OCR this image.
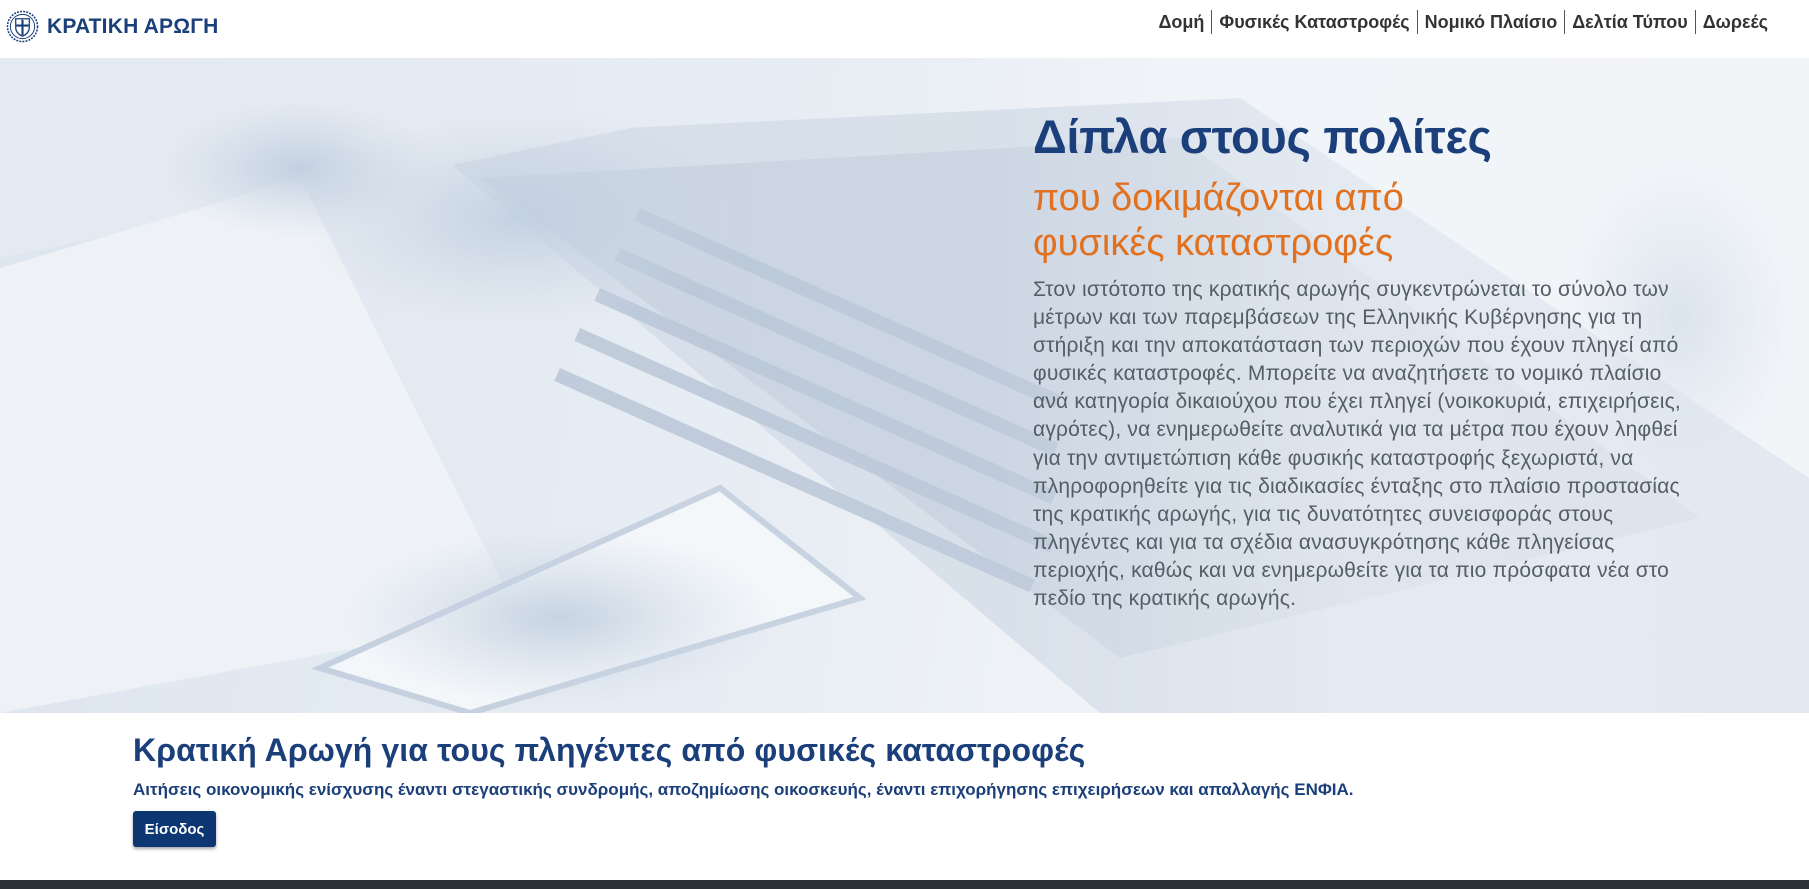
ΚΡΑΤΙΚΗ ΑΡΩΓΗ	Δομή Φυσικές Καταστροφές Νομικό Πλαίσιο Δελτία Τύπου Δωρεές
Δίπλα στους πολίτες
που δοκιμάζονται από φυσικές καταστροφές

Στον ιστότοπο της κρατικής αρωγής συγκεντρώνεται το σύνολο των μέτρων και των παρεμβάσεων της Ελληνικής Κυβέρνησης για τη στήριξη και την αποκατάσταση των περιοχών που έχουν πληγεί από φυσικές καταστροφές. Μπορείτε να αναζητήσετε το νομικό πλαίσιο ανά κατηγορία δικαιούχου που έχει πληγεί (νοικοκυριά, επιχειρήσεις, αγρότες), να ενημερωθείτε αναλυτικά για τα μέτρα που έχουν ληφθεί για την αντιμετώπιση κάθε φυσικής καταστροφής ξεχωριστά, να πληροφορηθείτε για τις διαδικασίες ένταξης στο πλαίσιο προστασίας της κρατικής αρωγής, για τις δυνατότητες συνεισφοράς στους πληγέντες και για τα σχέδια ανασυγκρότησης κάθε πληγείσας περιοχής, καθώς και να ενημερωθείτε για τα πιο πρόσφατα νέα στο πεδίο της κρατικής αρωγής.

Κρατική Αρωγή για τους πληγέντες από φυσικές καταστροφές

Αιτήσεις οικονομικής ενίσχυσης έναντι στεγαστικής συνδρομής, αποζημίωσης οικοσκευής, έναντι επιχορήγησης επιχειρήσεων και απαλλαγής ΕΝΦΙΑ.

Είσοδος
